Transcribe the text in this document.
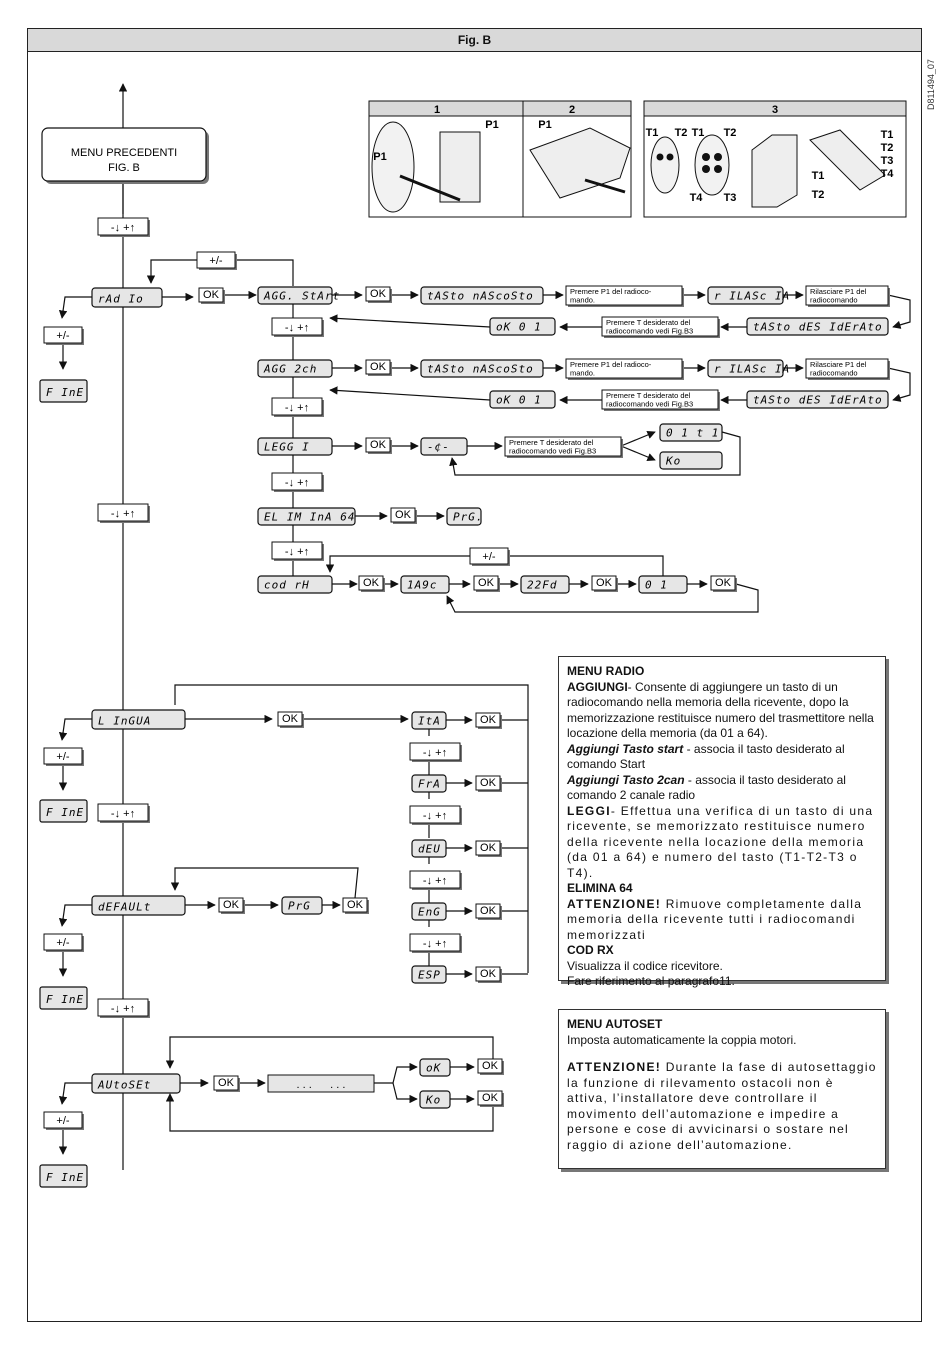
Fig. B
D811494_07
MENU PRECEDENTI
FIG. B
1	2
P1
P1
P1
3
T1 T2 T1 T2
T4 T3
T1
T2
T1
T2
T3
T4
-↓ +↑
-↓ +↑
-↓ +↑
-↓ +↑
rAd Io	OK
+/-
+/-
F InE
AGG. StArt	OK	tAStо nAScoSto	Premere P1 del radioco-
mando.	r ILASc IA	Rilasciare P1 del
radiocomando
tAStо dES IdErAto
Premere T desiderato del
radiocomando vedi Fig.B3
oK 0 1
-↓ +↑
AGG 2ch	OK	tAStо nAScoSto	Premere P1 del radioco-
mando.	r ILASc IA	Rilasciare P1 del
radiocomando
tAStо dES IdErAto
Premere T desiderato del
radiocomando vedi Fig.B3
oK 0 1
-↓ +↑
LEGG I	OK	-¢-	Premere T desiderato del
radiocomando vedi Fig.B3
0 1 t 1
Ko
-↓ +↑
EL IM InA 64	OK	PrG.
-↓ +↑
cod rH	OK	1A9c	OK	22Fd	OK	0 1	OK
+/-
L InGUA	OK
+/-
F InE
ItA	OK
-↓ +↑
FrA	OK
-↓ +↑
dEU	OK
-↓ +↑
EnG	OK
-↓ +↑
ESP	OK
dEFAULt	OK	PrG	OK
+/-
F InE
AUtoSEt	OK	. . .      . . .
oK
Ko
OK
OK
+/-
F InE

MENU RADIO

AGGIUNGI- Consente di aggiungere un tasto di un radiocomando nella memoria della ricevente, dopo la memorizzazione restituisce numero del trasmettitore nella locazione della memoria (da 01 a 64).

Aggiungi Tasto start - associa il tasto desiderato al comando Start

Aggiungi Tasto 2can - associa il tasto desiderato al comando 2 canale radio

LEGGI- Effettua una verifica di un tasto di una ricevente, se memorizzato restituisce numero della ricevente nella locazione della memoria (da 01 a 64) e numero del tasto (T1-T2-T3 o T4).

ELIMINA 64

ATTENZIONE! Rimuove completamente dalla memoria della ricevente tutti i radiocomandi memorizzati

COD RX

Visualizza il codice ricevitore.

Fare riferimento al paragrafo11.

MENU AUTOSET

Imposta automaticamente la coppia motori.

ATTENZIONE! Durante la fase di autosettaggio la funzione di rilevamento ostacoli non è attiva, l’installatore deve controllare il movimento dell’automazione e impedire a persone e cose di avvicinarsi o sostare nel raggio di azione dell’automazione.
